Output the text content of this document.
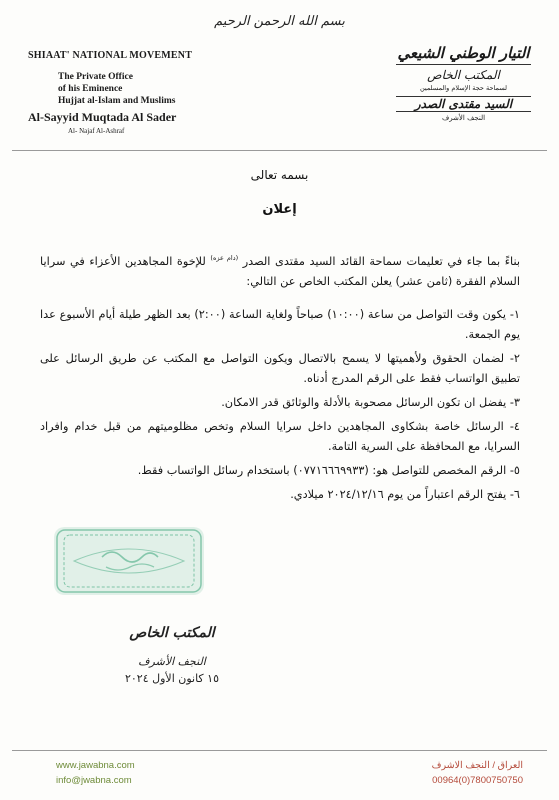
بسم الله الرحمن الرحيم
SHIAAT' NATIONAL MOVEMENT
The Private Office
of his Eminence
Hujjat al-Islam and Muslims
Al-Sayyid Muqtada Al Sader
Al- Najaf Al-Ashraf
التيار الوطني الشيعي
المكتب الخاص
لسماحة حجة الإسلام والمسلمين
السيد مقتدى الصدر
النجف الأشرف
بسمه تعالى
إعلان

بناءً بما جاء في تعليمات سماحة القائد السيد مقتدى الصدر $^{(دام عزه)}$ للإخوة المجاهدين الأعزاء في سرايا السلام الفقرة (ثامن عشر) يعلن المكتب الخاص عن التالي:

١- يكون وقت التواصل من ساعة (١٠:٠٠) صباحاً ولغاية الساعة (٢:٠٠) بعد الظهر طيلة أيام الأسبوع عدا يوم الجمعة.
٢- لضمان الحقوق ولأهميتها لا يسمح بالاتصال ويكون التواصل مع المكتب عن طريق الرسائل على تطبيق الواتساب فقط على الرقم المدرج أدناه.
٣- يفضل ان تكون الرسائل مصحوبة بالأدلة والوثائق قدر الامكان.
٤- الرسائل خاصة بشكاوى المجاهدين داخل سرايا السلام وتخص مظلوميتهم من قبل خدام وافراد السرايا، مع المحافظة على السرية التامة.
٥- الرقم المخصص للتواصل هو: (٠٧٧١٦٦٦٩٩٣٣) باستخدام رسائل الواتساب فقط.
٦- يفتح الرقم اعتباراً من يوم ٢٠٢٤/١٢/١٦ ميلادي.
المكتب الخاص
النجف الأشرف
١٥ كانون الأول ٢٠٢٤
www.jawabna.com
info@jwabna.com
العراق / النجف الاشرف
00964(0)7800750750
